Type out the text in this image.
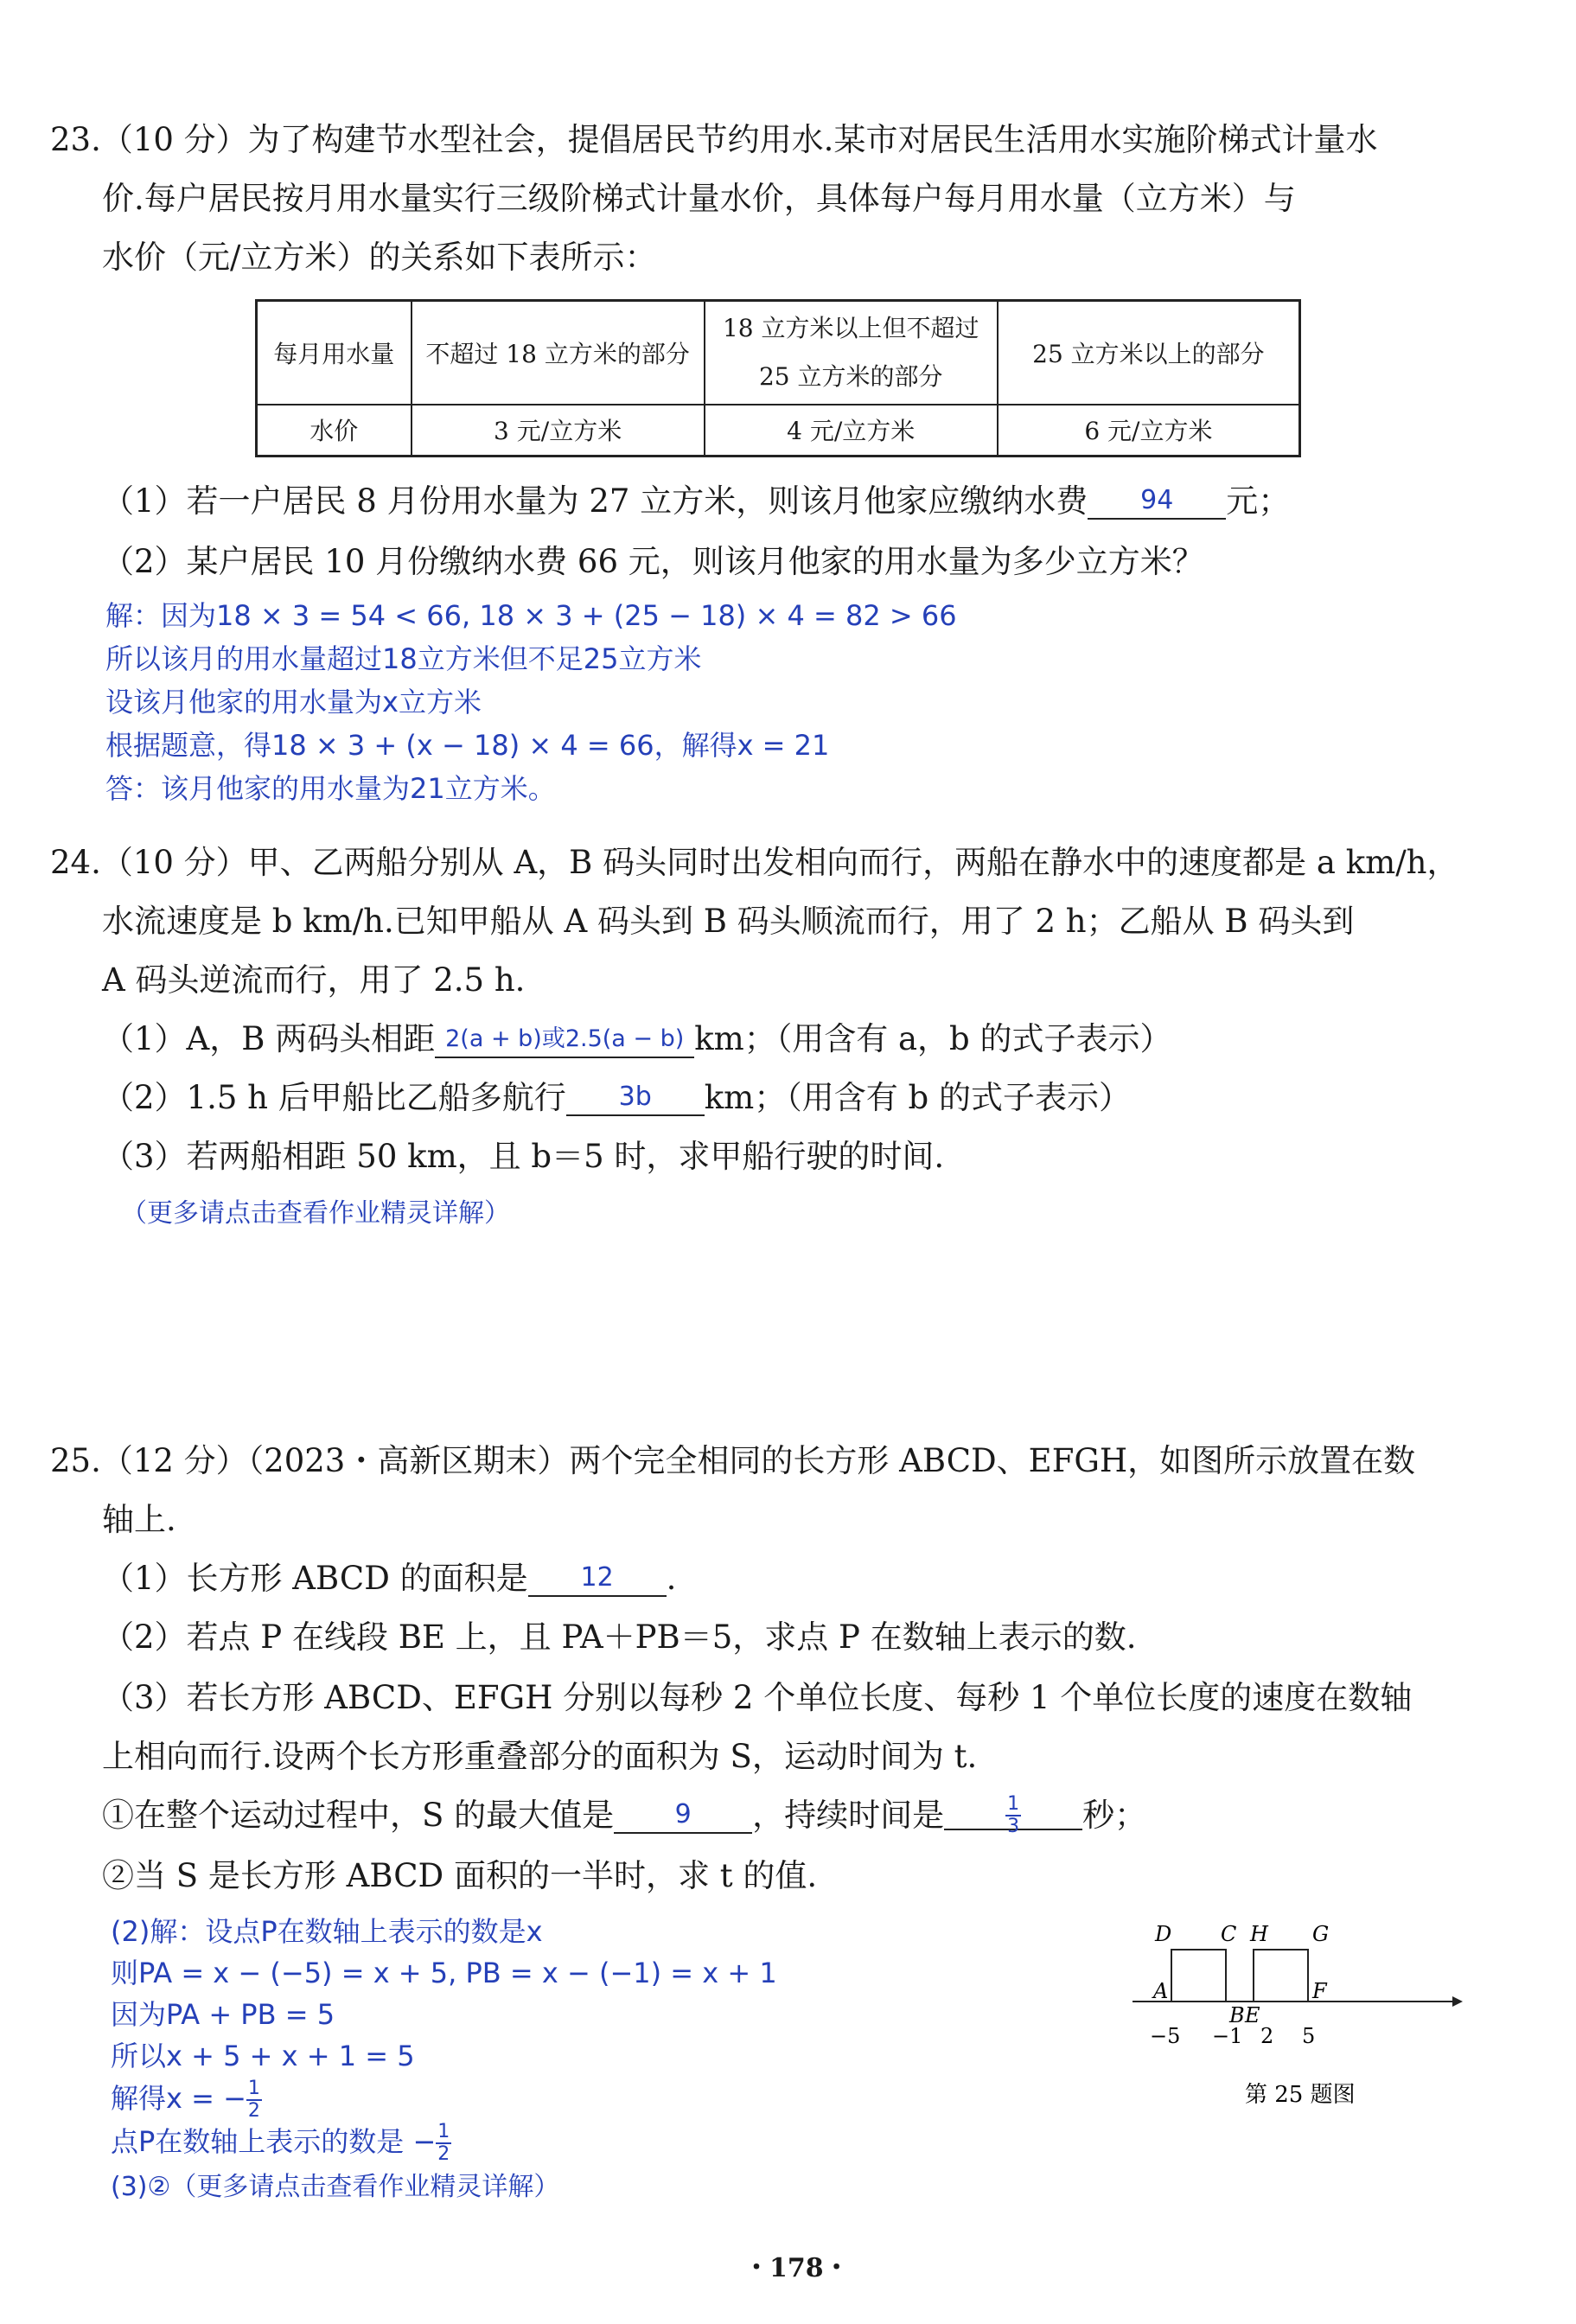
23.（10 分）为了构建节水型社会，提倡居民节约用水.某市对居民生活用水实施阶梯式计量水
价.每户居民按月用水量实行三级阶梯式计量水价，具体每户每月用水量（立方米）与
水价（元/立方米）的关系如下表所示：
每月用水量	不超过 18 立方米的部分	18 立方米以上但不超过
25 立方米的部分	25 立方米以上的部分
水价	3 元/立方米	4 元/立方米	6 元/立方米
（1）若一户居民 8 月份用水量为 27 立方米，则该月他家应缴纳水费 94 元；
（2）某户居民 10 月份缴纳水费 66 元，则该月他家的用水量为多少立方米？
解：因为18 × 3 = 54 < 66, 18 × 3 + (25 − 18) × 4 = 82 > 66
所以该月的用水量超过18立方米但不足25立方米
设该月他家的用水量为x立方米
根据题意，得18 × 3 + (x − 18) × 4 = 66，解得x = 21
答：该月他家的用水量为21立方米。
24.（10 分）甲、乙两船分别从 A，B 码头同时出发相向而行，两船在静水中的速度都是 a km/h，
水流速度是 b km/h.已知甲船从 A 码头到 B 码头顺流而行，用了 2 h；乙船从 B 码头到
A 码头逆流而行，用了 2.5 h.
（1）A，B 两码头相距 2(a + b)或2.5(a − b) km；（用含有 a，b 的式子表示）
（2）1.5 h 后甲船比乙船多航行 3b km；（用含有 b 的式子表示）
（3）若两船相距 50 km，且 b＝5 时，求甲船行驶的时间.
（更多请点击查看作业精灵详解）
25.（12 分）（2023・高新区期末）两个完全相同的长方形 ABCD、EFGH，如图所示放置在数
轴上.
（1）长方形 ABCD 的面积是 12 .
（2）若点 P 在线段 BE 上，且 PA＋PB＝5，求点 P 在数轴上表示的数.
（3）若长方形 ABCD、EFGH 分别以每秒 2 个单位长度、每秒 1 个单位长度的速度在数轴
上相向而行.设两个长方形重叠部分的面积为 S，运动时间为 t.
①在整个运动过程中，S 的最大值是 9 ，持续时间是	$\frac{1}{3}$ 秒；
②当 S 是长方形 ABCD 面积的一半时，求 t 的值.
(2)解：设点P在数轴上表示的数是x
则PA = x − (−5) = x + 5, PB = x − (−1) = x + 1
因为PA + PB = 5
所以x + 5 + x + 1 = 5
解得x = − $\frac{1}{2}$
点P在数轴上表示的数是 − $\frac{1}{2}$
(3)②（更多请点击查看作业精灵详解）
D C H G
A
B E
F
−5 −1 2 5
第 25 题图
・178・
